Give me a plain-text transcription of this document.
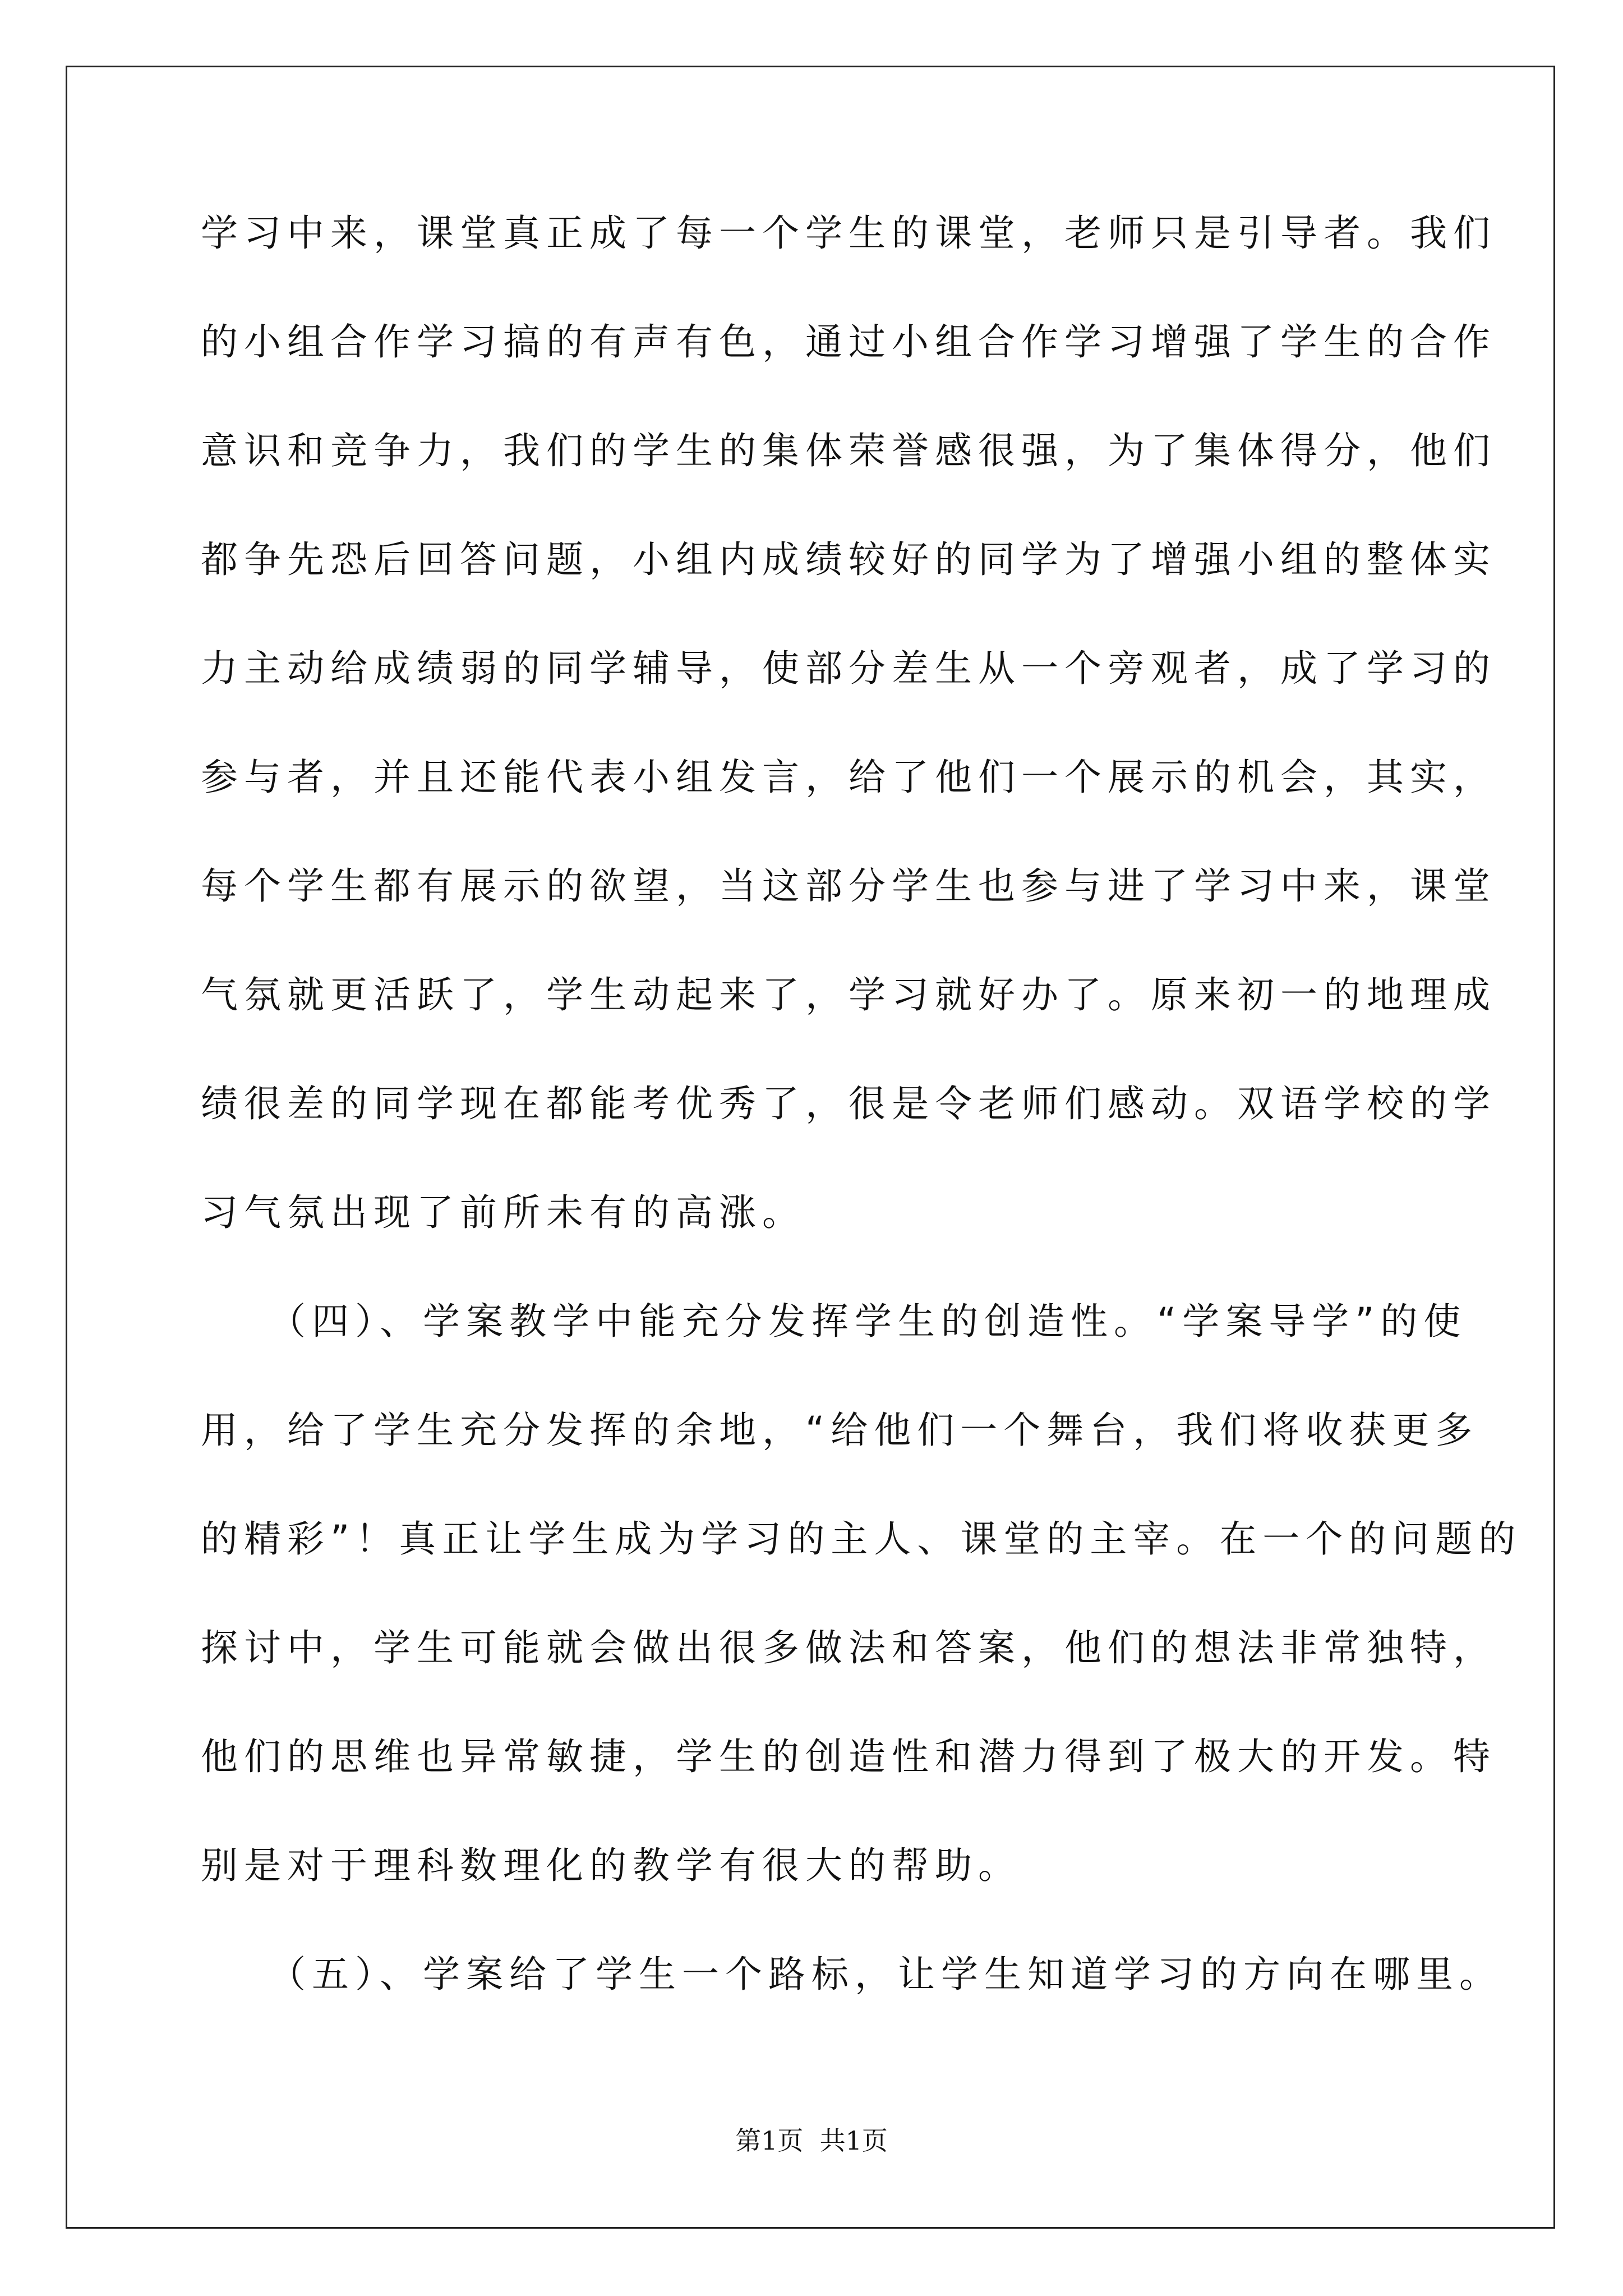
学习中来，课堂真正成了每一个学生的课堂，老师只是引导者。我们
的小组合作学习搞的有声有色，通过小组合作学习增强了学生的合作
意识和竞争力，我们的学生的集体荣誉感很强，为了集体得分，他们
都争先恐后回答问题，小组内成绩较好的同学为了增强小组的整体实
力主动给成绩弱的同学辅导，使部分差生从一个旁观者，成了学习的
参与者，并且还能代表小组发言，给了他们一个展示的机会，其实，
每个学生都有展示的欲望，当这部分学生也参与进了学习中来，课堂
气氛就更活跃了，学生动起来了，学习就好办了。原来初一的地理成
绩很差的同学现在都能考优秀了，很是令老师们感动。双语学校的学
习气氛出现了前所未有的高涨。
　　（四）、学案教学中能充分发挥学生的创造性。“学案导学”的使
用，给了学生充分发挥的余地，“给他们一个舞台，我们将收获更多
的精彩”！真正让学生成为学习的主人、课堂的主宰。在一个的问题的
探讨中，学生可能就会做出很多做法和答案，他们的想法非常独特，
他们的思维也异常敏捷，学生的创造性和潜力得到了极大的开发。特
别是对于理科数理化的教学有很大的帮助。
　　（五）、学案给了学生一个路标，让学生知道学习的方向在哪里。
第1页  共1页
